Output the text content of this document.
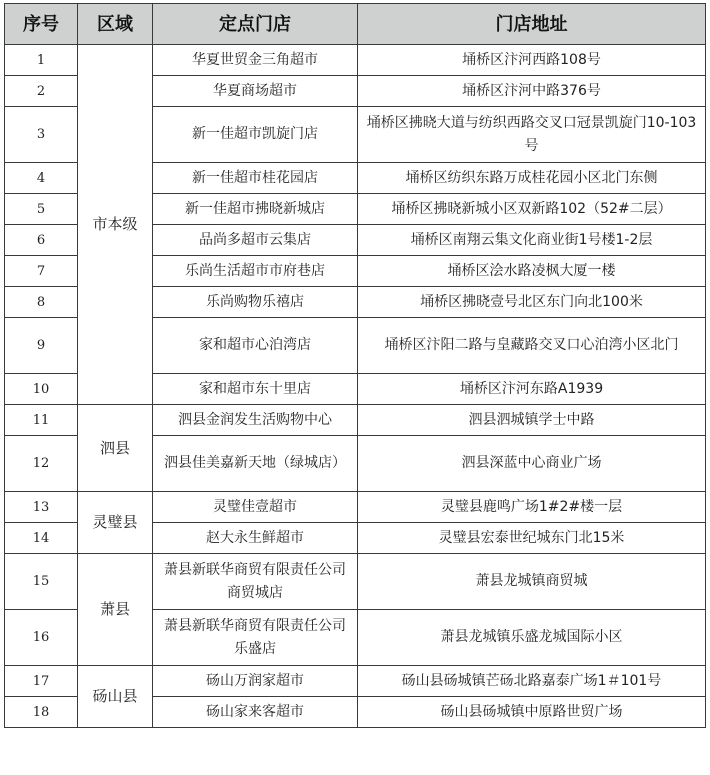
序号	区域	定点门店	门店地址
1	市本级	华夏世贸金三角超市	埇桥区汴河西路108号
2		华夏商场超市	埇桥区汴河中路376号
3		新一佳超市凯旋门店	埇桥区拂晓大道与纺织西路交叉口冠景凯旋门10-103号
4		新一佳超市桂花园店	埇桥区纺织东路万成桂花园小区北门东侧
5		新一佳超市拂晓新城店	埇桥区拂晓新城小区双新路102（52#二层）
6		品尚多超市云集店	埇桥区南翔云集文化商业街1号楼1-2层
7		乐尚生活超市市府巷店	埇桥区浍水路凌枫大厦一楼
8		乐尚购物乐禧店	埇桥区拂晓壹号北区东门向北100米
9		家和超市心泊湾店	埇桥区汴阳二路与皇藏路交叉口心泊湾小区北门
10		家和超市东十里店	埇桥区汴河东路A1939
11	泗县	泗县金润发生活购物中心	泗县泗城镇学士中路
12		泗县佳美嘉新天地（绿城店）	泗县深蓝中心商业广场
13	灵璧县	灵璧佳壹超市	灵璧县鹿鸣广场1#2#楼一层
14		赵大永生鲜超市	灵璧县宏泰世纪城东门北15米
15	萧县	萧县新联华商贸有限责任公司商贸城店	萧县龙城镇商贸城
16		萧县新联华商贸有限责任公司乐盛店	萧县龙城镇乐盛龙城国际小区
17	砀山县	砀山万润家超市	砀山县砀城镇芒砀北路嘉泰广场1＃101号
18		砀山家来客超市	砀山县砀城镇中原路世贸广场
